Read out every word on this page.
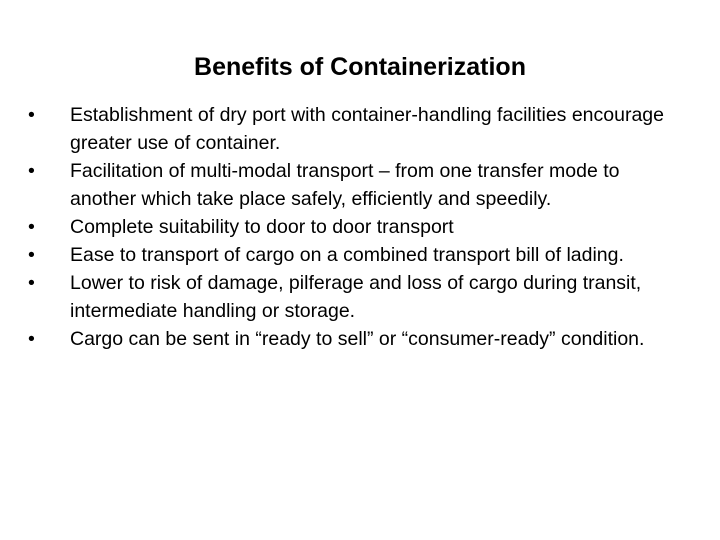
Benefits of Containerization
•	Establishment of dry port with container-handling facilities encourage greater use of container.
•	Facilitation of multi-modal transport – from one transfer mode to another which take place safely, efficiently and speedily.
•	Complete suitability to door to door transport
•	Ease to transport of cargo on a combined transport bill of lading.
•	Lower to risk of damage, pilferage and loss of cargo during transit, intermediate handling or storage.
•	Cargo can be sent in “ready to sell” or “consumer-ready” condition.
